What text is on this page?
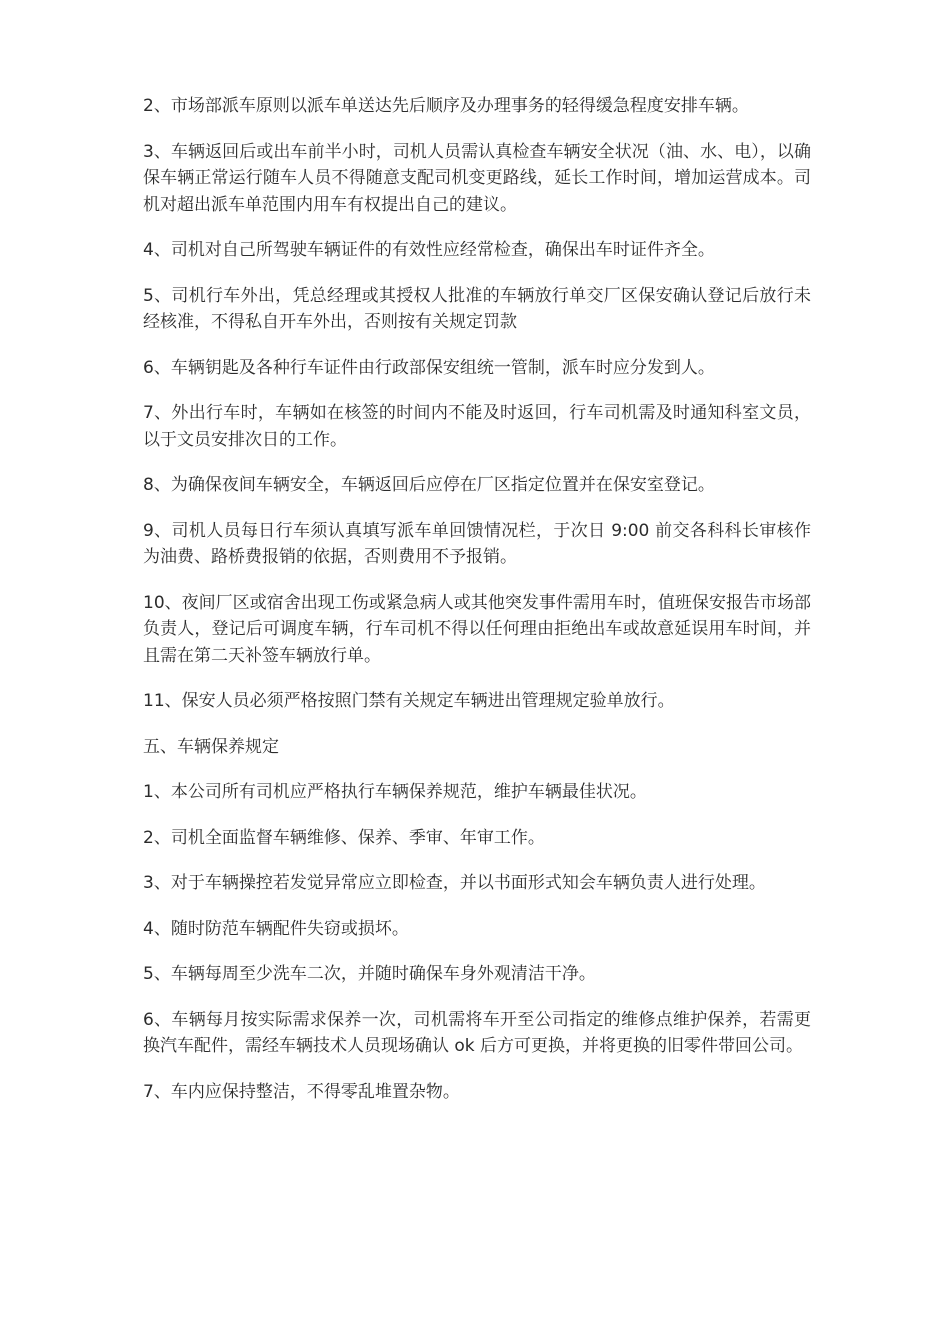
2、市场部派车原则以派车单送达先后顺序及办理事务的轻得缓急程度安排车辆。

3、车辆返回后或出车前半小时，司机人员需认真检查车辆安全状况（油、水、电），以确保车辆正常运行随车人员不得随意支配司机变更路线，延长工作时间，增加运营成本。司机对超出派车单范围内用车有权提出自己的建议。

4、司机对自己所驾驶车辆证件的有效性应经常检查，确保出车时证件齐全。

5、司机行车外出，凭总经理或其授权人批准的车辆放行单交厂区保安确认登记后放行未经核准，不得私自开车外出，否则按有关规定罚款

6、车辆钥匙及各种行车证件由行政部保安组统一管制，派车时应分发到人。

7、外出行车时，车辆如在核签的时间内不能及时返回，行车司机需及时通知科室文员，以于文员安排次日的工作。

8、为确保夜间车辆安全，车辆返回后应停在厂区指定位置并在保安室登记。

9、司机人员每日行车须认真填写派车单回馈情况栏，于次日 9:00 前交各科科长审核作为油费、路桥费报销的依据，否则费用不予报销。

10、夜间厂区或宿舍出现工伤或紧急病人或其他突发事件需用车时，值班保安报告市场部负责人，登记后可调度车辆，行车司机不得以任何理由拒绝出车或故意延误用车时间，并且需在第二天补签车辆放行单。

11、保安人员必须严格按照门禁有关规定车辆进出管理规定验单放行。

五、车辆保养规定

1、本公司所有司机应严格执行车辆保养规范，维护车辆最佳状况。

2、司机全面监督车辆维修、保养、季审、年审工作。

3、对于车辆操控若发觉异常应立即检查，并以书面形式知会车辆负责人进行处理。

4、随时防范车辆配件失窃或损坏。

5、车辆每周至少洗车二次，并随时确保车身外观清洁干净。

6、车辆每月按实际需求保养一次，司机需将车开至公司指定的维修点维护保养，若需更换汽车配件，需经车辆技术人员现场确认 ok 后方可更换，并将更换的旧零件带回公司。

7、车内应保持整洁，不得零乱堆置杂物。
